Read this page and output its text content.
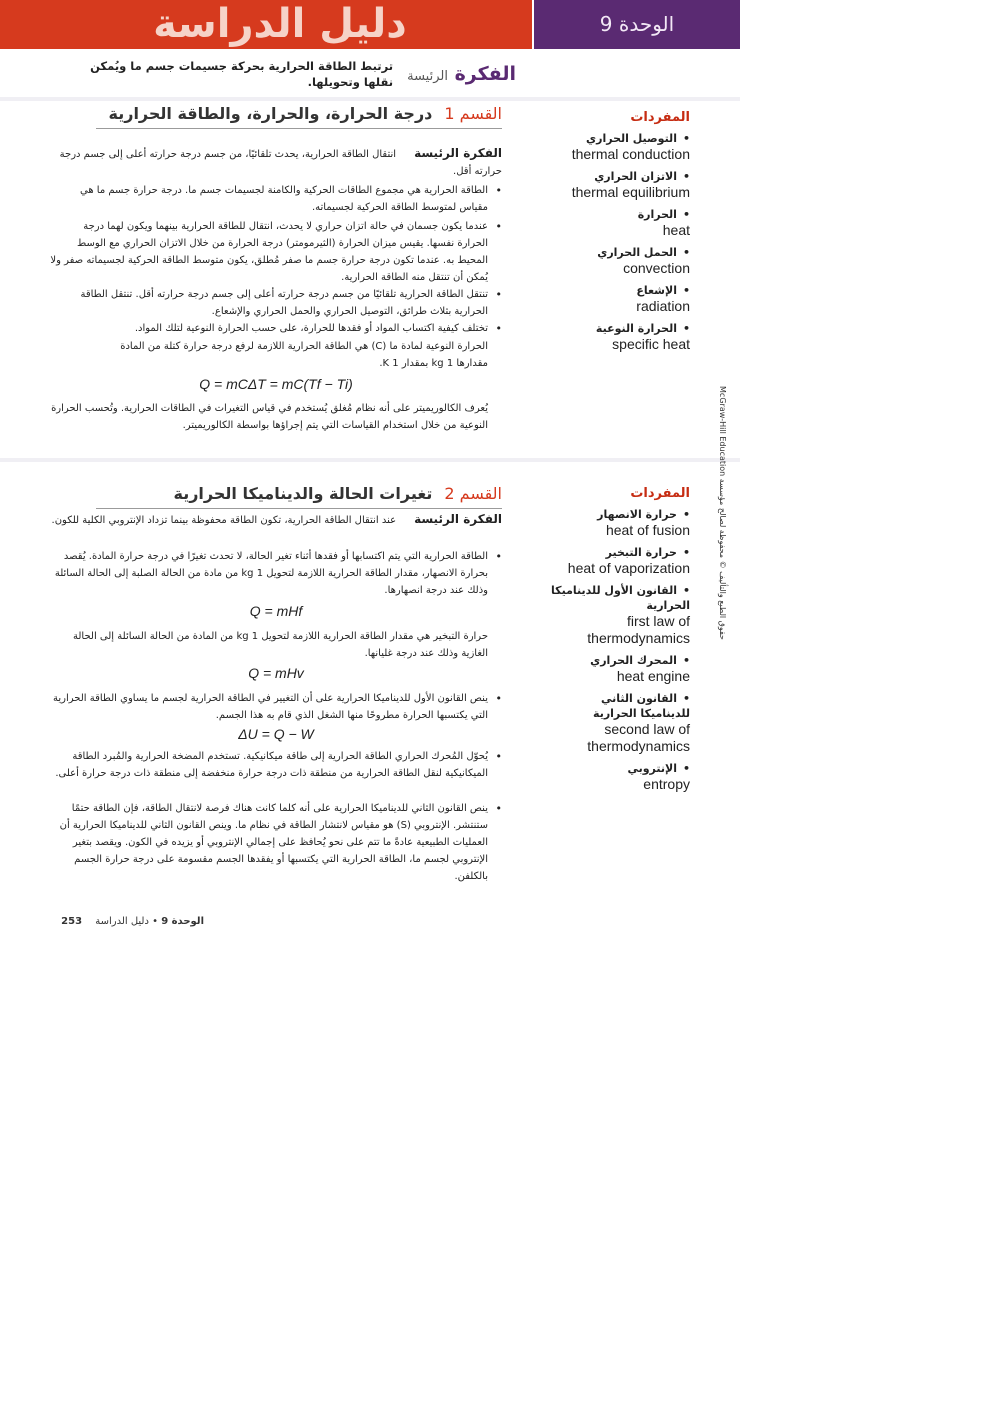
دليل الدراسة	الوحدة 9
الفكرة الرئيسة
ترتبط الطاقة الحرارية بحركة جسيمات جسم ما ويُمكن نقلها وتحويلها.
المفردات
• التوصيل الحراري
thermal conduction
• الاتزان الحراري
thermal equilibrium
• الحرارة
heat
• الحمل الحراري
convection
• الإشعاع
radiation
• الحرارة النوعية
specific heat
القسم 1درجة الحرارة، والحرارة، والطاقة الحرارية
الفكرة الرئيسة
انتقال الطاقة الحرارية، يحدث تلقائيًا، من جسم درجة حرارته أعلى إلى جسم درجة حرارته أقل.
• الطاقة الحرارية هي مجموع الطاقات الحركية والكامنة لجسيمات جسم ما. درجة حرارة جسم ما هي مقياس لمتوسط الطاقة الحركية لجسيماته.
• عندما يكون جسمان في حالة اتزان حراري لا يحدث، انتقال للطاقة الحرارية بينهما ويكون لهما درجة الحرارة نفسها. يقيس ميزان الحرارة (الثيرمومتر) درجة الحرارة من خلال الاتزان الحراري مع الوسط المحيط به. عندما تكون درجة حرارة جسم ما صفر مُطلق، يكون متوسط الطاقة الحركية لجسيماته صفر ولا يُمكن أن تنتقل منه الطاقة الحرارية.
• تنتقل الطاقة الحرارية تلقائيًا من جسم درجة حرارته أعلى إلى جسم درجة حرارته أقل. تنتقل الطاقة الحرارية بثلاث طرائق، التوصيل الحراري والحمل الحراري والإشعاع.
• تختلف كيفية اكتساب المواد أو فقدها للحرارة، على حسب الحرارة النوعية لتلك المواد.
الحرارة النوعية لمادة ما (C) هي الطاقة الحرارية اللازمة لرفع درجة حرارة كتلة من المادة
مقدارها 1 kg بمقدار 1 K.
Q = mCΔT = mC(Tf − Ti)
يُعرف الكالوريميتر على أنه نظام مُغلق يُستخدم في قياس التغيرات في الطاقات الحرارية. وتُحسب الحرارة النوعية من خلال استخدام القياسات التي يتم إجراؤها بواسطة الكالوريميتر.
المفردات
• حرارة الانصهار
heat of fusion
• حرارة التبخير
heat of vaporization
• القانون الأول للديناميكا الحرارية
first law of thermodynamics
• المحرك الحراري
heat engine
• القانون الثاني للديناميكا الحرارية
second law of thermodynamics
• الإنتروبي
entropy
القسم 2تغيرات الحالة والديناميكا الحرارية
الفكرة الرئيسة
عند انتقال الطاقة الحرارية، تكون الطاقة محفوظة بينما تزداد الإنتروبي الكلية للكون.
• الطاقة الحرارية التي يتم اكتسابها أو فقدها أثناء تغير الحالة، لا تحدث تغيرًا في درجة حرارة المادة. يُقصد بحرارة الانصهار، مقدار الطاقة الحرارية اللازمة لتحويل 1 kg من مادة من الحالة الصلبة إلى الحالة السائلة وذلك عند درجة انصهارها.
Q = mHf
حرارة التبخير هي مقدار الطاقة الحرارية اللازمة لتحويل 1 kg من المادة من الحالة السائلة إلى الحالة الغازية وذلك عند درجة غليانها.
Q = mHv
• ينص القانون الأول للديناميكا الحرارية على أن التغيير في الطاقة الحرارية لجسم ما يساوي الطاقة الحرارية التي يكتسبها الحرارة مطروحًا منها الشغل الذي قام به هذا الجسم.
ΔU = Q − W
• يُحوّل المُحرك الحراري الطاقة الحرارية إلى طاقة ميكانيكية. تستخدم المضخة الحرارية والمُبرد الطاقة الميكانيكية لنقل الطاقة الحرارية من منطقة ذات درجة حرارة منخفضة إلى منطقة ذات درجة حرارة أعلى.
• ينص القانون الثاني للديناميكا الحرارية على أنه كلما كانت هناك فرصة لانتقال الطاقة، فإن الطاقة حتمًا ستنتشر. الإنتروبي (S) هو مقياس لانتشار الطاقة في نظام ما. وينص القانون الثاني للديناميكا الحرارية أن العمليات الطبيعية عادةً ما تتم على نحو يُحافظ على إجمالي الإنتروبي أو يزيده في الكون. ويقصد بتغير الإنتروبي لجسم ما، الطاقة الحرارية التي يكتسبها أو يفقدها الجسم مقسومة على درجة حرارة الجسم بالكلفن.
حقوق الطبع والتأليف © محفوظة لصالح مؤسسة McGraw-Hill Education
الوحدة 9 • دليل الدراسة 253
